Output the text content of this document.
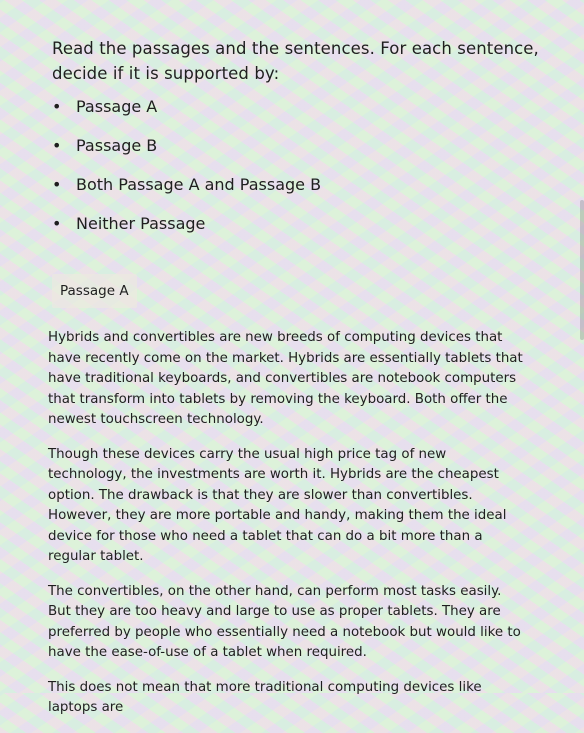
Read the passages and the sentences. For each sentence, decide if it is supported by:

• Passage A
• Passage B
• Both Passage A and Passage B
• Neither Passage
Passage A

Hybrids and convertibles are new breeds of computing devices that have recently come on the market. Hybrids are essentially tablets that have traditional keyboards, and convertibles are notebook computers that transform into tablets by removing the keyboard. Both offer the newest touchscreen technology.

Though these devices carry the usual high price tag of new technology, the investments are worth it. Hybrids are the cheapest option. The drawback is that they are slower than convertibles. However, they are more portable and handy, making them the ideal device for those who need a tablet that can do a bit more than a regular tablet.

The convertibles, on the other hand, can perform most tasks easily. But they are too heavy and large to use as proper tablets. They are preferred by people who essentially need a notebook but would like to have the ease-of-use of a tablet when required.

This does not mean that more traditional computing devices like laptops are
